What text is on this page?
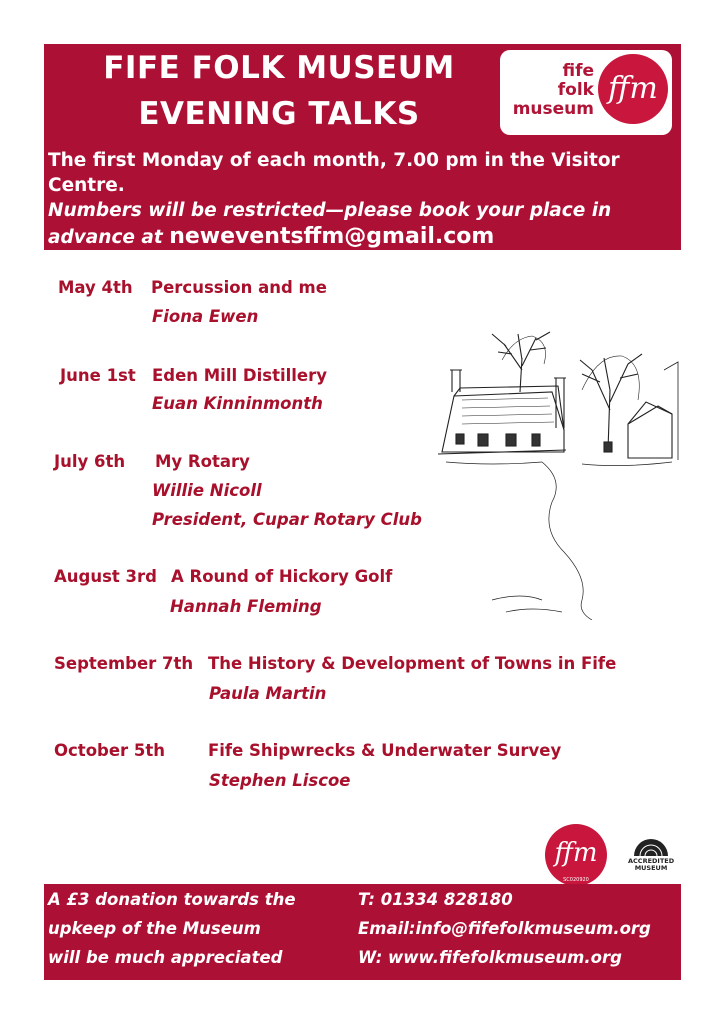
FIFE FOLK MUSEUM
EVENING TALKS
fife
folk
museum
ffm
The first Monday of each month, 7.00 pm in the Visitor Centre.
Numbers will be restricted—please book your place in advance at neweventsffm@gmail.com
May 4th Percussion and me
Fiona Ewen
June 1st Eden Mill Distillery
Euan Kinninmonth
July 6th My Rotary
Willie Nicoll
President, Cupar Rotary Club
August 3rd A Round of Hickory Golf
Hannah Fleming
September 7th The History & Development of Towns in Fife
Paula Martin
October 5th	Fife Shipwrecks & Underwater Survey
Stephen Liscoe
ffm
SC020920
ACCREDITED
MUSEUM
A £3 donation towards the
upkeep of the Museum
will be much appreciated
T: 01334 828180
Email:info@fifefolkmuseum.org
W: www.fifefolkmuseum.org
